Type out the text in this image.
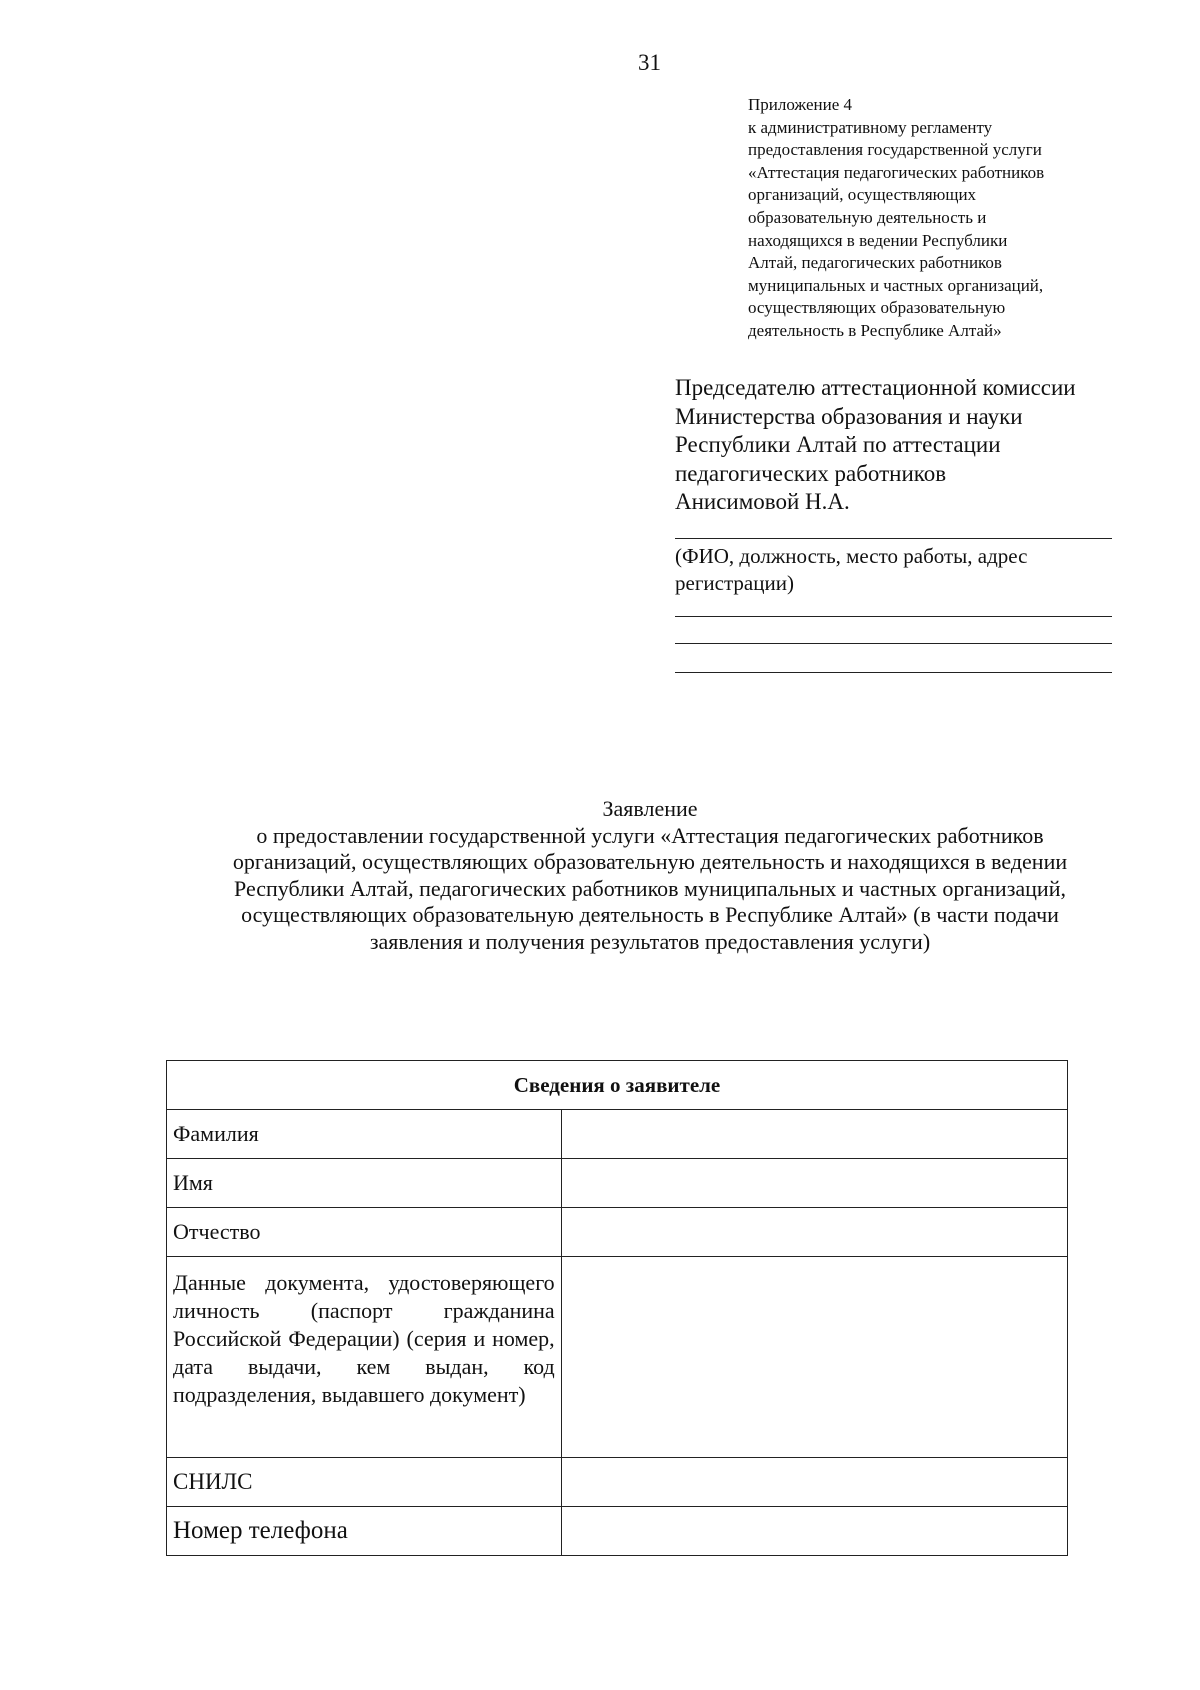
31
Приложение 4
к административному регламенту
предоставления государственной услуги
«Аттестация педагогических работников
организаций, осуществляющих
образовательную деятельность и
находящихся в ведении Республики
Алтай, педагогических работников
муниципальных и частных организаций,
осуществляющих образовательную
деятельность в Республике Алтай»
Председателю аттестационной комиссии
Министерства образования и науки
Республики Алтай по аттестации
педагогических работников
Анисимовой Н.А.
(ФИО, должность, место работы, адрес
регистрации)
Заявление
о предоставлении государственной услуги «Аттестация педагогических работников
организаций, осуществляющих образовательную деятельность и находящихся в ведении
Республики Алтай, педагогических работников муниципальных и частных организаций,
осуществляющих образовательную деятельность в Республике Алтай» (в части подачи
заявления и получения результатов предоставления услуги)
Сведения о заявителе	
Фамилия	
Имя	
Отчество	
Данные документа, удостоверяющего личность (паспорт гражданина Российской Федерации) (серия и номер, дата выдачи, кем выдан, код подразделения, выдавшего документ)	
СНИЛС	
Номер телефона	
